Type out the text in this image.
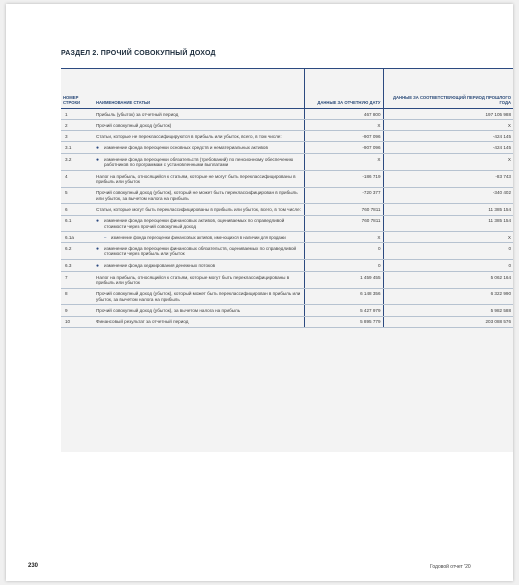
РАЗДЕЛ 2. ПРОЧИЙ СОВОКУПНЫЙ ДОХОД
НОМЕР СТРОКИ	НАИМЕНОВАНИЕ СТАТЬИ	ДАННЫЕ ЗА ОТЧЕТНУЮ ДАТУ	ДАННЫЕ ЗА СООТВЕТСТВУЮЩИЙ ПЕРИОД ПРОШЛОГО ГОДА
1	Прибыль (убыток) за отчетный период	467 800	197 105 988
2	Прочий совокупный доход (убыток)	X	X
3	Статьи, которые не переклассифицируются в прибыль или убыток, всего, в том числе:	-907 096	-424 145
3.1	● изменение фонда переоценки основных средств и нематериальных активов	-907 096	-424 145
3.2	● изменение фонда переоценки обязательств (требований) по пенсионному обеспечению работников по программам с установленными выплатами	X	X
4	Налог на прибыль, относящийся к статьям, которые не могут быть переклассифицированы в прибыль или убыток	-186 719	-83 743
5	Прочий совокупный доход (убыток), который не может быть переклассифицирован в прибыль или убыток, за вычетом налога на прибыль	-720 377	-340 402
6	Статьи, которые могут быть переклассифицированы в прибыль или убыток, всего, в том числе:	760 7811	11 385 154
6.1	● изменение фонда переоценки финансовых активов, оцениваемых по справедливой стоимости через прочий совокупный доход	760 7811	11 385 154
6.1а	– изменение фонда переоценки финансовых активов, име-ющихся в наличии для продажи	X	X
6.2	● изменение фонда переоценки финансовых обязательств, оцениваемых по справедливой стоимости через прибыль или убыток	0	0
6.3	● изменение фонда хеджирования денежных потоков	0	0
7	Налог на прибыль, относящийся к статьям, которые могут быть переклассифицированы в прибыль или убыток	1 459 455	5 062 164
8	Прочий совокупный доход (убыток), который может быть переклассифицирован в прибыль или убыток, за вычетом налога на прибыль	6 148 356	6 322 990
9	Прочий совокупный доход (убыток), за вычетом налога на прибыль	5 427 979	5 982 588
10	Финансовый результат за отчетный период	5 895 779	203 088 576
230	Годовой отчет '20
